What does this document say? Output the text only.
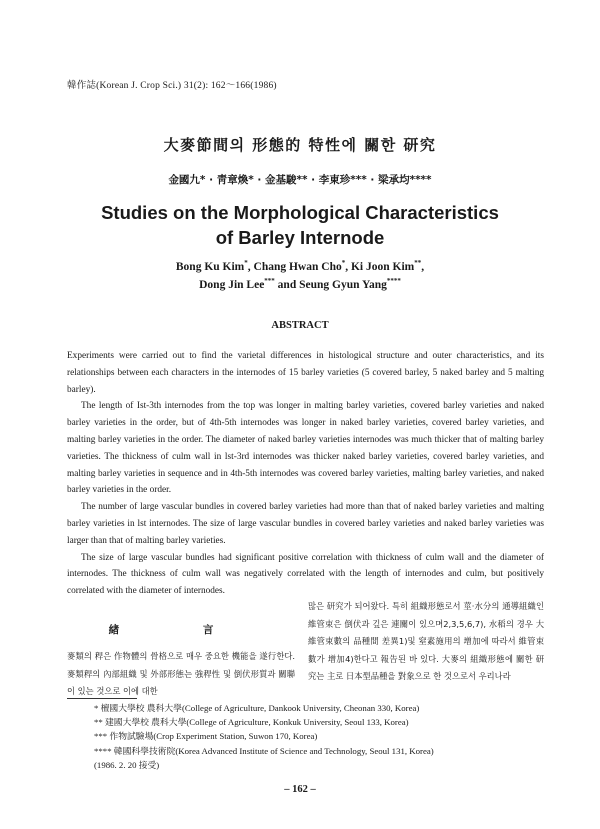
韓作誌(Korean J. Crop Sci.) 31(2): 162～166(1986)
大麥節間의 形態的 特性에 關한 研究
金國九* · 靑章煥* · 金基駿** · 李東珍*** · 梁承均****
Studies on the Morphological Characteristics
of Barley Internode
Bong Ku Kim*, Chang Hwan Cho*, Ki Joon Kim**,
Dong Jin Lee*** and Seung Gyun Yang****
ABSTRACT

Experiments were carried out to find the varietal differences in histological structure and outer characteristics, and its relationships between each characters in the internodes of 15 barley varieties (5 covered barley, 5 naked barley and 5 malting barley).

The length of Ist-3th internodes from the top was longer in malting barley varieties, covered barley varieties and naked barley varieties in the order, but of 4th-5th internodes was longer in naked barley varieties, covered barley varieties, and malting barley varieties in the order. The diameter of naked barley varieties internodes was much thicker that of malting barley varieties. The thickness of culm wall in lst-3rd internodes was thicker naked barley varieties, covered barley varieties, and malting barley varieties in sequence and in 4th-5th internodes was covered barley varieties, malting barley varieties, and naked barley varieties in the order.

The number of large vascular bundles in covered barley varieties had more than that of naked barley varieties and malting barley varieties in lst internodes. The size of large vascular bundles in covered barley varieties and naked barley varieties was larger than that of malting barley varieties.

The size of large vascular bundles had significant positive correlation with thickness of culm wall and the diameter of internodes. The thickness of culm wall was negatively correlated with the length of internodes and culm, but positively correlated with the diameter of internodes.

緖 言
麥類의 稈은 作物體의 骨格으로 매우 중요한 機能을 遂行한다. 麥類稈의 內部組織 및 外部形態는 強稈性 및 倒伏形質과 關聯이 있는 것으로 이에 대한
많은 研究가 되어왔다. 특히 組織形態로서 莖·水分의 通導組織인 維管束은 倒伏과 깊은 連關이 있으며2,3,5,6,7), 水稻의 경우 大維管束數의 品種間 差異1)및 窒素施用의 增加에 따라서 維管束數가 增加4)한다고 報告된 바 있다. 大麥의 組織形態에 關한 研究는 主로 日本型品種을 對象으로 한 것으로서 우리나라
* 檀國大學校 農科大學(College of Agriculture, Dankook University, Cheonan 330, Korea)
** 建國大學校 農科大學(College of Agriculture, Konkuk University, Seoul 133, Korea)
*** 作物試驗場(Crop Experiment Station, Suwon 170, Korea)
**** 韓國科學技術院(Korea Advanced Institute of Science and Technology, Seoul 131, Korea)
(1986. 2. 20 接受)
– 162 –
